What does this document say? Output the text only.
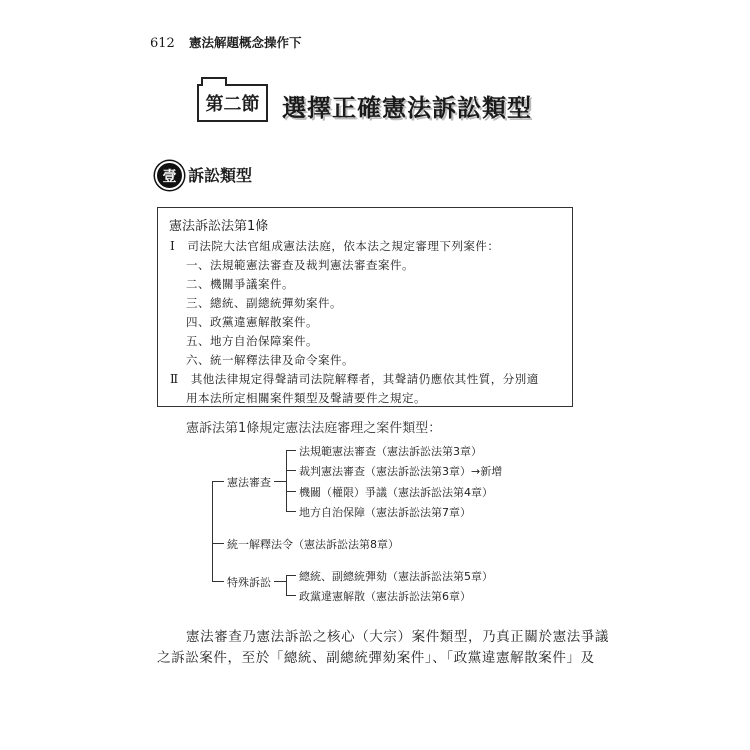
612 憲法解題概念操作下
第二節 選擇正確憲法訴訟類型
壹 訴訟類型
憲法訴訟法第1條
Ⅰ 司法院大法官組成憲法法庭，依本法之規定審理下列案件：
一、法規範憲法審查及裁判憲法審查案件。
二、機關爭議案件。
三、總統、副總統彈劾案件。
四、政黨違憲解散案件。
五、地方自治保障案件。
六、統一解釋法律及命令案件。
Ⅱ 其他法律規定得聲請司法院解釋者，其聲請仍應依其性質，分別適
用本法所定相關案件類型及聲請要件之規定。
憲訴法第1條規定憲法法庭審理之案件類型：
憲法審查
法規範憲法審查（憲法訴訟法第3章）
裁判憲法審查（憲法訴訟法第3章）→新增
機關（權限）爭議（憲法訴訟法第4章）
地方自治保障（憲法訴訟法第7章）
統一解釋法令（憲法訴訟法第8章）
特殊訴訟	總統、副總統彈劾（憲法訴訟法第5章）
政黨違憲解散（憲法訴訟法第6章）
憲法審查乃憲法訴訟之核心（大宗）案件類型，乃真正關於憲法爭議
之訴訟案件，至於「總統、副總統彈劾案件」、「政黨違憲解散案件」及
